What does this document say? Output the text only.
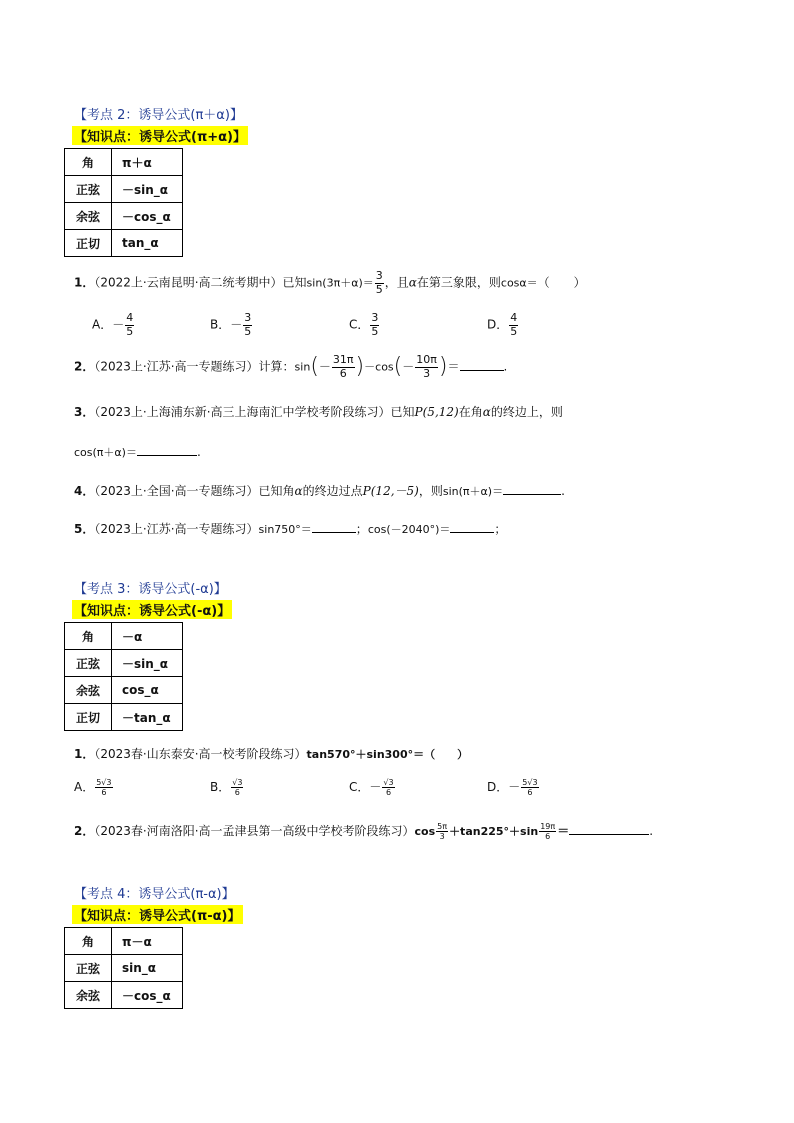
【考点 2：诱导公式(π＋α)】
【知识点：诱导公式(π+α)】
角	π＋α
正弦	－sin_α
余弦	－cos_α
正切	tan_α
1．（2022上·云南昆明·高二统考期中）已知$\sin(3\pi+\alpha)= \frac{3}{5}$ ，且α在第三象限，则cosα＝（　　）
A．－ $\frac{4}{5}$	B．－ $\frac{3}{5}$	C． $\frac{3}{5}$	D． $\frac{4}{5}$
2．（2023上·江苏·高一专题练习）计算：$\sin(- \frac{31\pi}{6} )-\cos(- \frac{10\pi}{3}$ )＝	.
3．（2023上·上海浦东新·高三上海南汇中学校考阶段练习）已知P(5,12)在角α的终边上，则
cos(π＋α)＝	.
4．（2023上·全国·高一专题练习）已知角α的终边过点P(12,－5)，则sin(π＋α)＝	.
5．（2023上·江苏·高一专题练习）sin750°＝	；cos(－2040°)＝	；
【考点 3：诱导公式(-α)】
【知识点：诱导公式(-α)】
角	－α
正弦	－sin_α
余弦	cos_α
正切	－tan_α
1．（2023春·山东泰安·高一校考阶段练习）tan570°＋sin300°＝（　　）
A． $\frac{5√3}{6}$	B． $\frac{√3}{6}$	C．－ $\frac{√3}{6}$	D．－ $\frac{5√3}{6}$
2．（2023春·河南洛阳·高一孟津县第一高级中学校考阶段练习）$\cos \frac{5\pi}{3} +\tan 225^\circ+\sin \frac{19\pi}{6}$ ＝	.
【考点 4：诱导公式(π-α)】
【知识点：诱导公式(π-α)】
角	π－α
正弦	sin_α
余弦	－cos_α
